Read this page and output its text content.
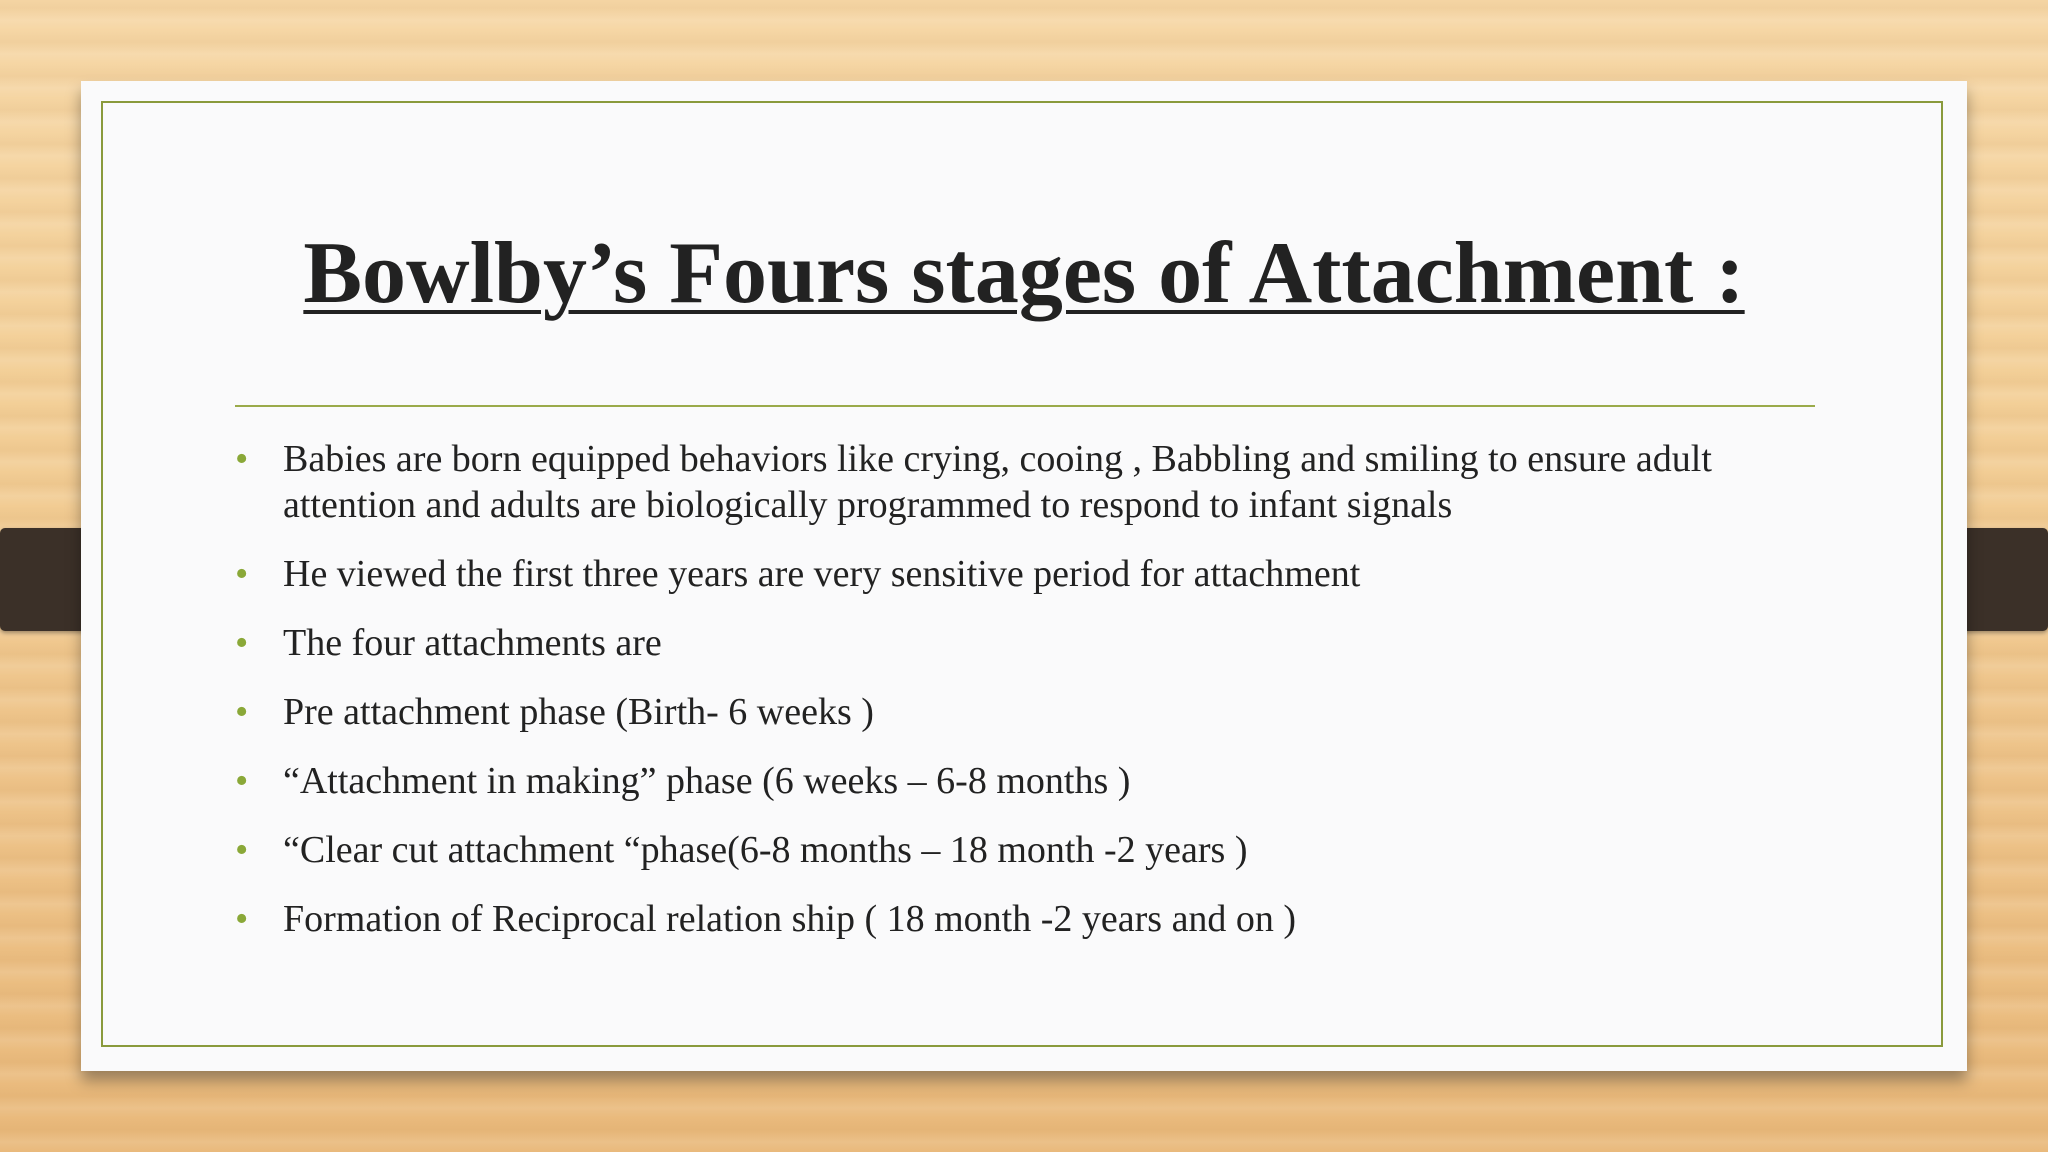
Bowlby’s Fours stages of Attachment :
• Babies are born equipped behaviors like crying, cooing , Babbling and smiling to ensure adult attention and adults are biologically programmed to respond to infant signals
• He viewed the first three years are very sensitive period for attachment
• The four attachments are
• Pre attachment phase (Birth- 6 weeks )
• “Attachment in making” phase (6 weeks – 6-8 months )
• “Clear cut attachment “phase(6-8 months – 18 month -2 years )
• Formation of Reciprocal relation ship ( 18 month -2 years and on )
